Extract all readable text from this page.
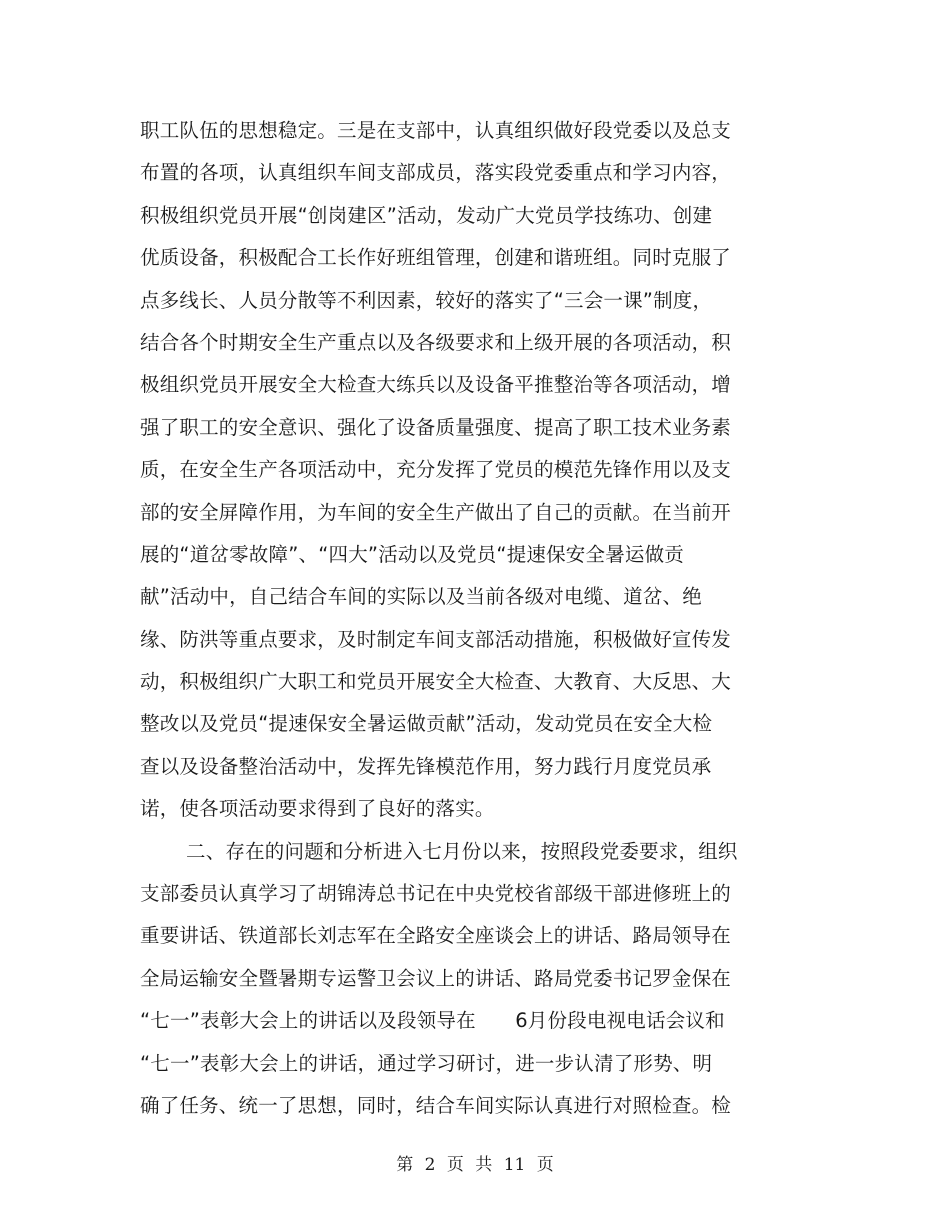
职工队伍的思想稳定。三是在支部中，认真组织做好段党委以及总支
布置的各项，认真组织车间支部成员，落实段党委重点和学习内容，
积极组织党员开展“创岗建区”活动，发动广大党员学技练功、创建
优质设备，积极配合工长作好班组管理，创建和谐班组。同时克服了
点多线长、人员分散等不利因素，较好的落实了“三会一课”制度，
结合各个时期安全生产重点以及各级要求和上级开展的各项活动，积
极组织党员开展安全大检查大练兵以及设备平推整治等各项活动，增
强了职工的安全意识、强化了设备质量强度、提高了职工技术业务素
质，在安全生产各项活动中，充分发挥了党员的模范先锋作用以及支
部的安全屏障作用，为车间的安全生产做出了自己的贡献。在当前开
展的“道岔零故障”、“四大”活动以及党员“提速保安全暑运做贡
献”活动中，自己结合车间的实际以及当前各级对电缆、道岔、绝
缘、防洪等重点要求，及时制定车间支部活动措施，积极做好宣传发
动，积极组织广大职工和党员开展安全大检查、大教育、大反思、大
整改以及党员“提速保安全暑运做贡献”活动，发动党员在安全大检
查以及设备整治活动中，发挥先锋模范作用，努力践行月度党员承
诺，使各项活动要求得到了良好的落实。
二、存在的问题和分析进入七月份以来，按照段党委要求，组织
支部委员认真学习了胡锦涛总书记在中央党校省部级干部进修班上的
重要讲话、铁道部长刘志军在全路安全座谈会上的讲话、路局领导在
全局运输安全暨暑期专运警卫会议上的讲话、路局党委书记罗金保在
“七一”表彰大会上的讲话以及段领导在　　6月份段电视电话会议和
“七一”表彰大会上的讲话，通过学习研讨，进一步认清了形势、明
确了任务、统一了思想，同时，结合车间实际认真进行对照检查。检
第 2 页 共 11 页
